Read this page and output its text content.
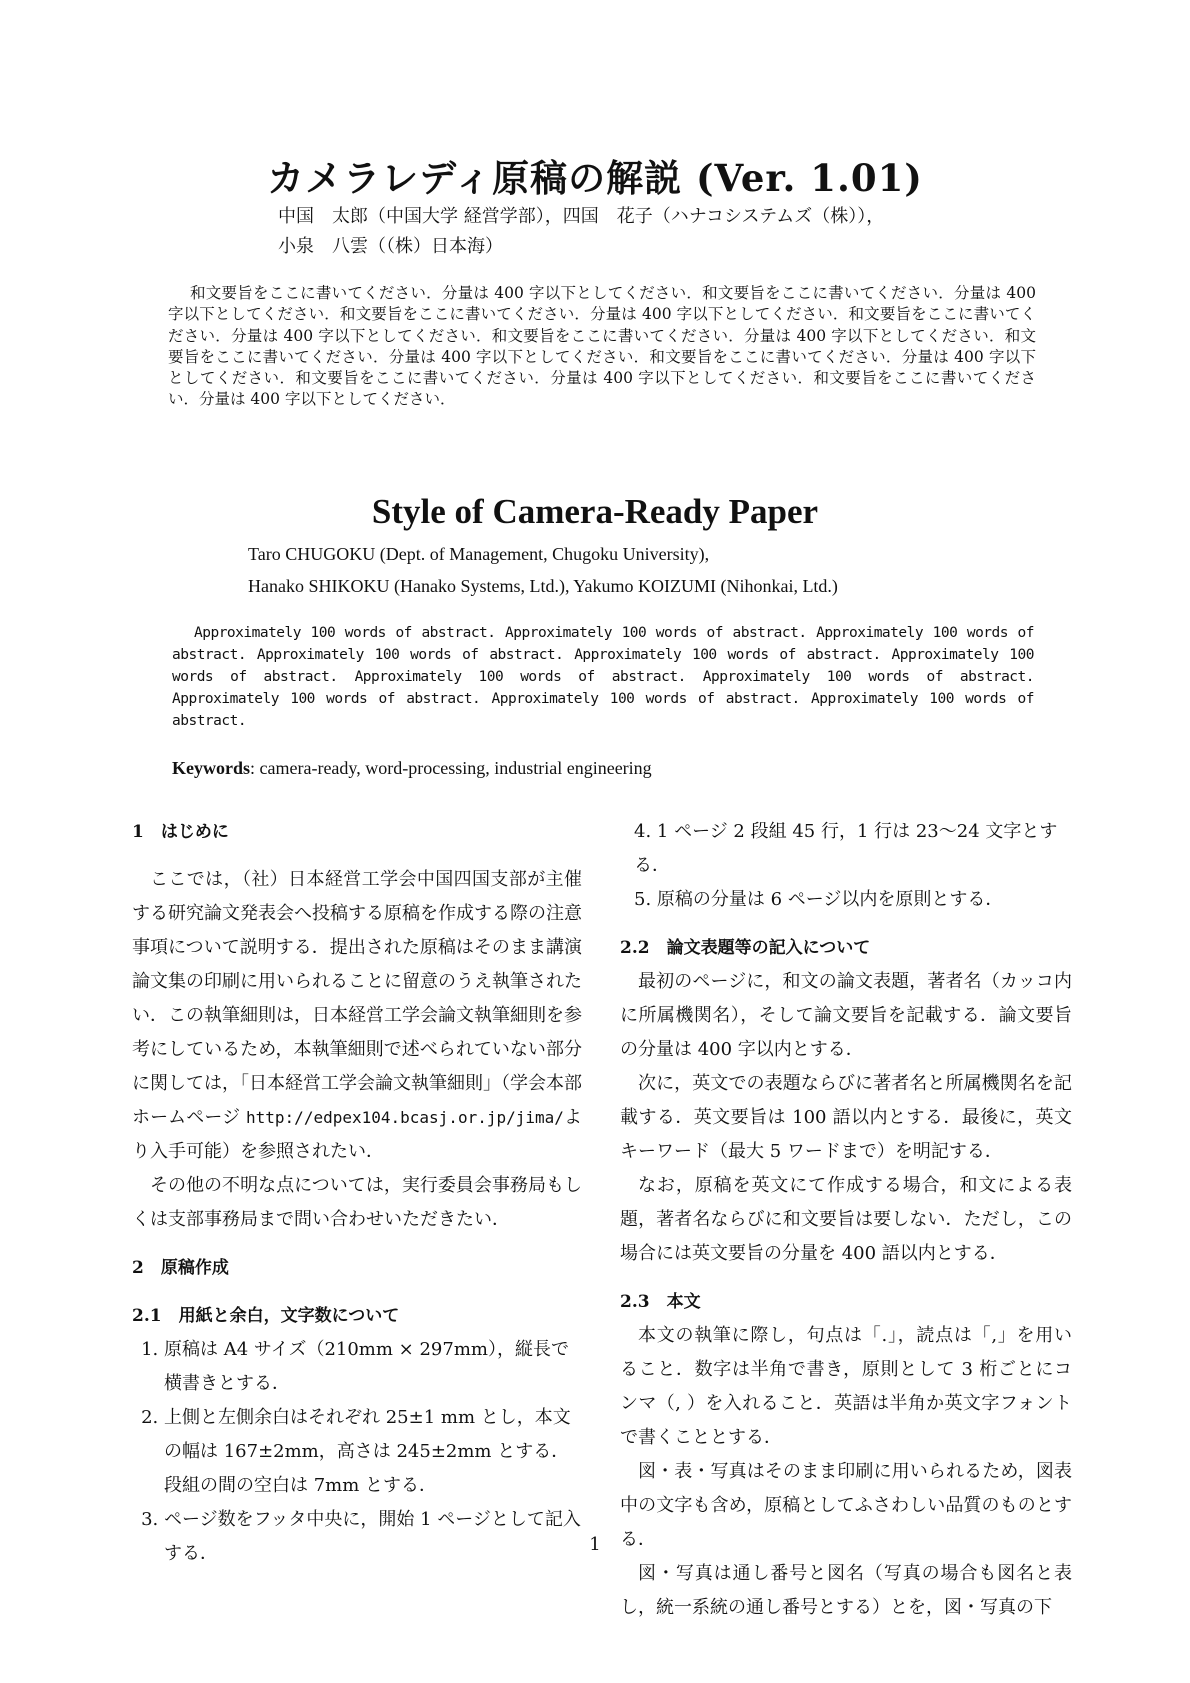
カメラレディ原稿の解説 (Ver. 1.01)
中国　太郎（中国大学 経営学部），四国　花子（ハナコシステムズ（株）），
小泉　八雲（（株）日本海）
和文要旨をここに書いてください．分量は 400 字以下としてください．和文要旨をここに書いてください．分量は 400 字以下としてください．和文要旨をここに書いてください．分量は 400 字以下としてください．和文要旨をここに書いてください．分量は 400 字以下としてください．和文要旨をここに書いてください．分量は 400 字以下としてください．和文要旨をここに書いてください．分量は 400 字以下としてください．和文要旨をここに書いてください．分量は 400 字以下としてください．和文要旨をここに書いてください．分量は 400 字以下としてください．和文要旨をここに書いてください．分量は 400 字以下としてください．
Style of Camera-Ready Paper
Taro CHUGOKU (Dept. of Management, Chugoku University),
Hanako SHIKOKU (Hanako Systems, Ltd.), Yakumo KOIZUMI (Nihonkai, Ltd.)
Approximately 100 words of abstract. Approximately 100 words of abstract. Approximately 100 words of abstract. Approximately 100 words of abstract. Approximately 100 words of abstract. Approximately 100 words of abstract. Approximately 100 words of abstract. Approximately 100 words of abstract. Approximately 100 words of abstract. Approximately 100 words of abstract. Approximately 100 words of abstract.
Keywords: camera-ready, word-processing, industrial engineering
1　はじめに

ここでは，（社）日本経営工学会中国四国支部が主催する研究論文発表会へ投稿する原稿を作成する際の注意事項について説明する．提出された原稿はそのまま講演論文集の印刷に用いられることに留意のうえ執筆されたい．この執筆細則は，日本経営工学会論文執筆細則を参考にしているため，本執筆細則で述べられていない部分に関しては，「日本経営工学会論文執筆細則」（学会本部ホームページ http://edpex104.bcasj.or.jp/jima/より入手可能）を参照されたい．

その他の不明な点については，実行委員会事務局もしくは支部事務局まで問い合わせいただきたい．

2　原稿作成
2.1　用紙と余白，文字数について
1. 原稿は A4 サイズ（210mm × 297mm），縦長で横書きとする．
2. 上側と左側余白はそれぞれ 25±1 mm とし，本文の幅は 167±2mm，高さは 245±2mm とする．段組の間の空白は 7mm とする．
3. ページ数をフッタ中央に，開始 1 ページとして記入する．
4. 1 ページ 2 段組 45 行，1 行は 23〜24 文字とする．
5. 原稿の分量は 6 ページ以内を原則とする．
2.2　論文表題等の記入について

最初のページに，和文の論文表題，著者名（カッコ内に所属機関名），そして論文要旨を記載する．論文要旨の分量は 400 字以内とする．

次に，英文での表題ならびに著者名と所属機関名を記載する．英文要旨は 100 語以内とする．最後に，英文キーワード（最大 5 ワードまで）を明記する．

なお，原稿を英文にて作成する場合，和文による表題，著者名ならびに和文要旨は要しない．ただし，この場合には英文要旨の分量を 400 語以内とする．

2.3　本文

本文の執筆に際し，句点は「.」，読点は「,」を用いること．数字は半角で書き，原則として 3 桁ごとにコンマ（, ）を入れること．英語は半角か英文字フォントで書くこととする．

図・表・写真はそのまま印刷に用いられるため，図表中の文字も含め，原稿としてふさわしい品質のものとする．

図・写真は通し番号と図名（写真の場合も図名と表し，統一系統の通し番号とする）とを，図・写真の下

1
